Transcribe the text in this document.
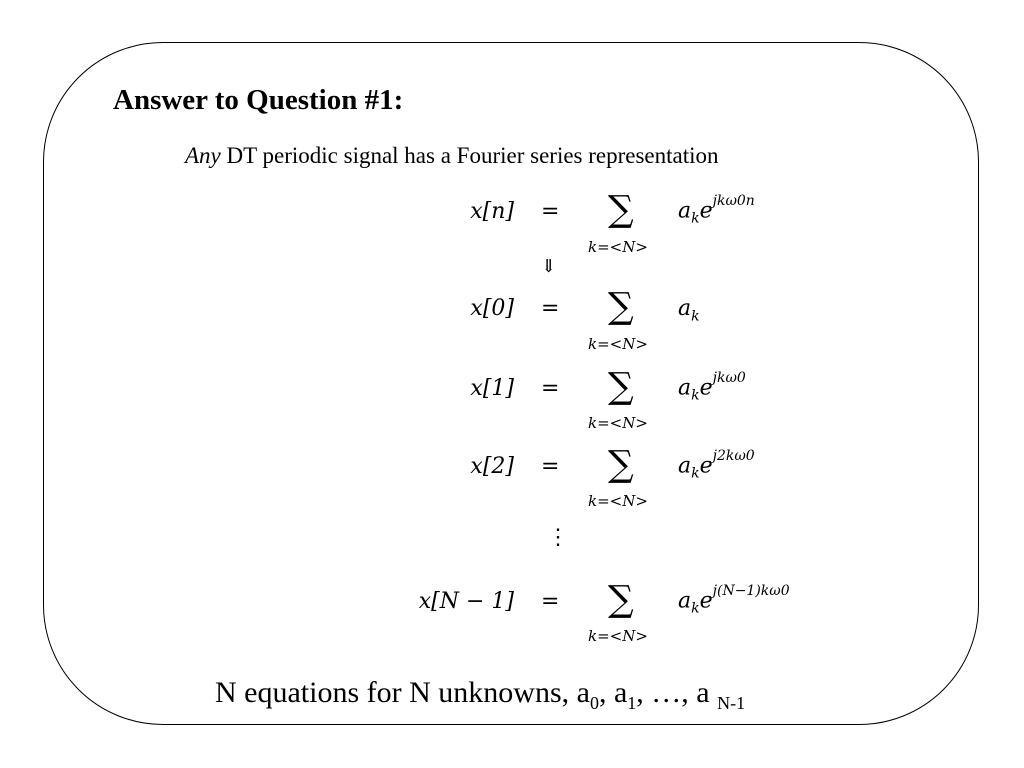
Answer to Question #1:
Any DT periodic signal has a Fourier series representation
x[n] = ∑
k=<N>
$a_ke^{jk\omega 0n}$
⇓
x[0] = ∑
k=<N>
$a_k$
x[1] = ∑
k=<N>
$a_ke^{jk\omega 0}$
x[2] = ∑
k=<N>
$a_ke^{j2k\omega 0}$
⋮
x[N − 1] = ∑
k=<N>
$a_ke^{j(N-1)k\omega 0}$
N equations for N unknowns, $a_0$, $a_1$, …, a $_{N-1}$
